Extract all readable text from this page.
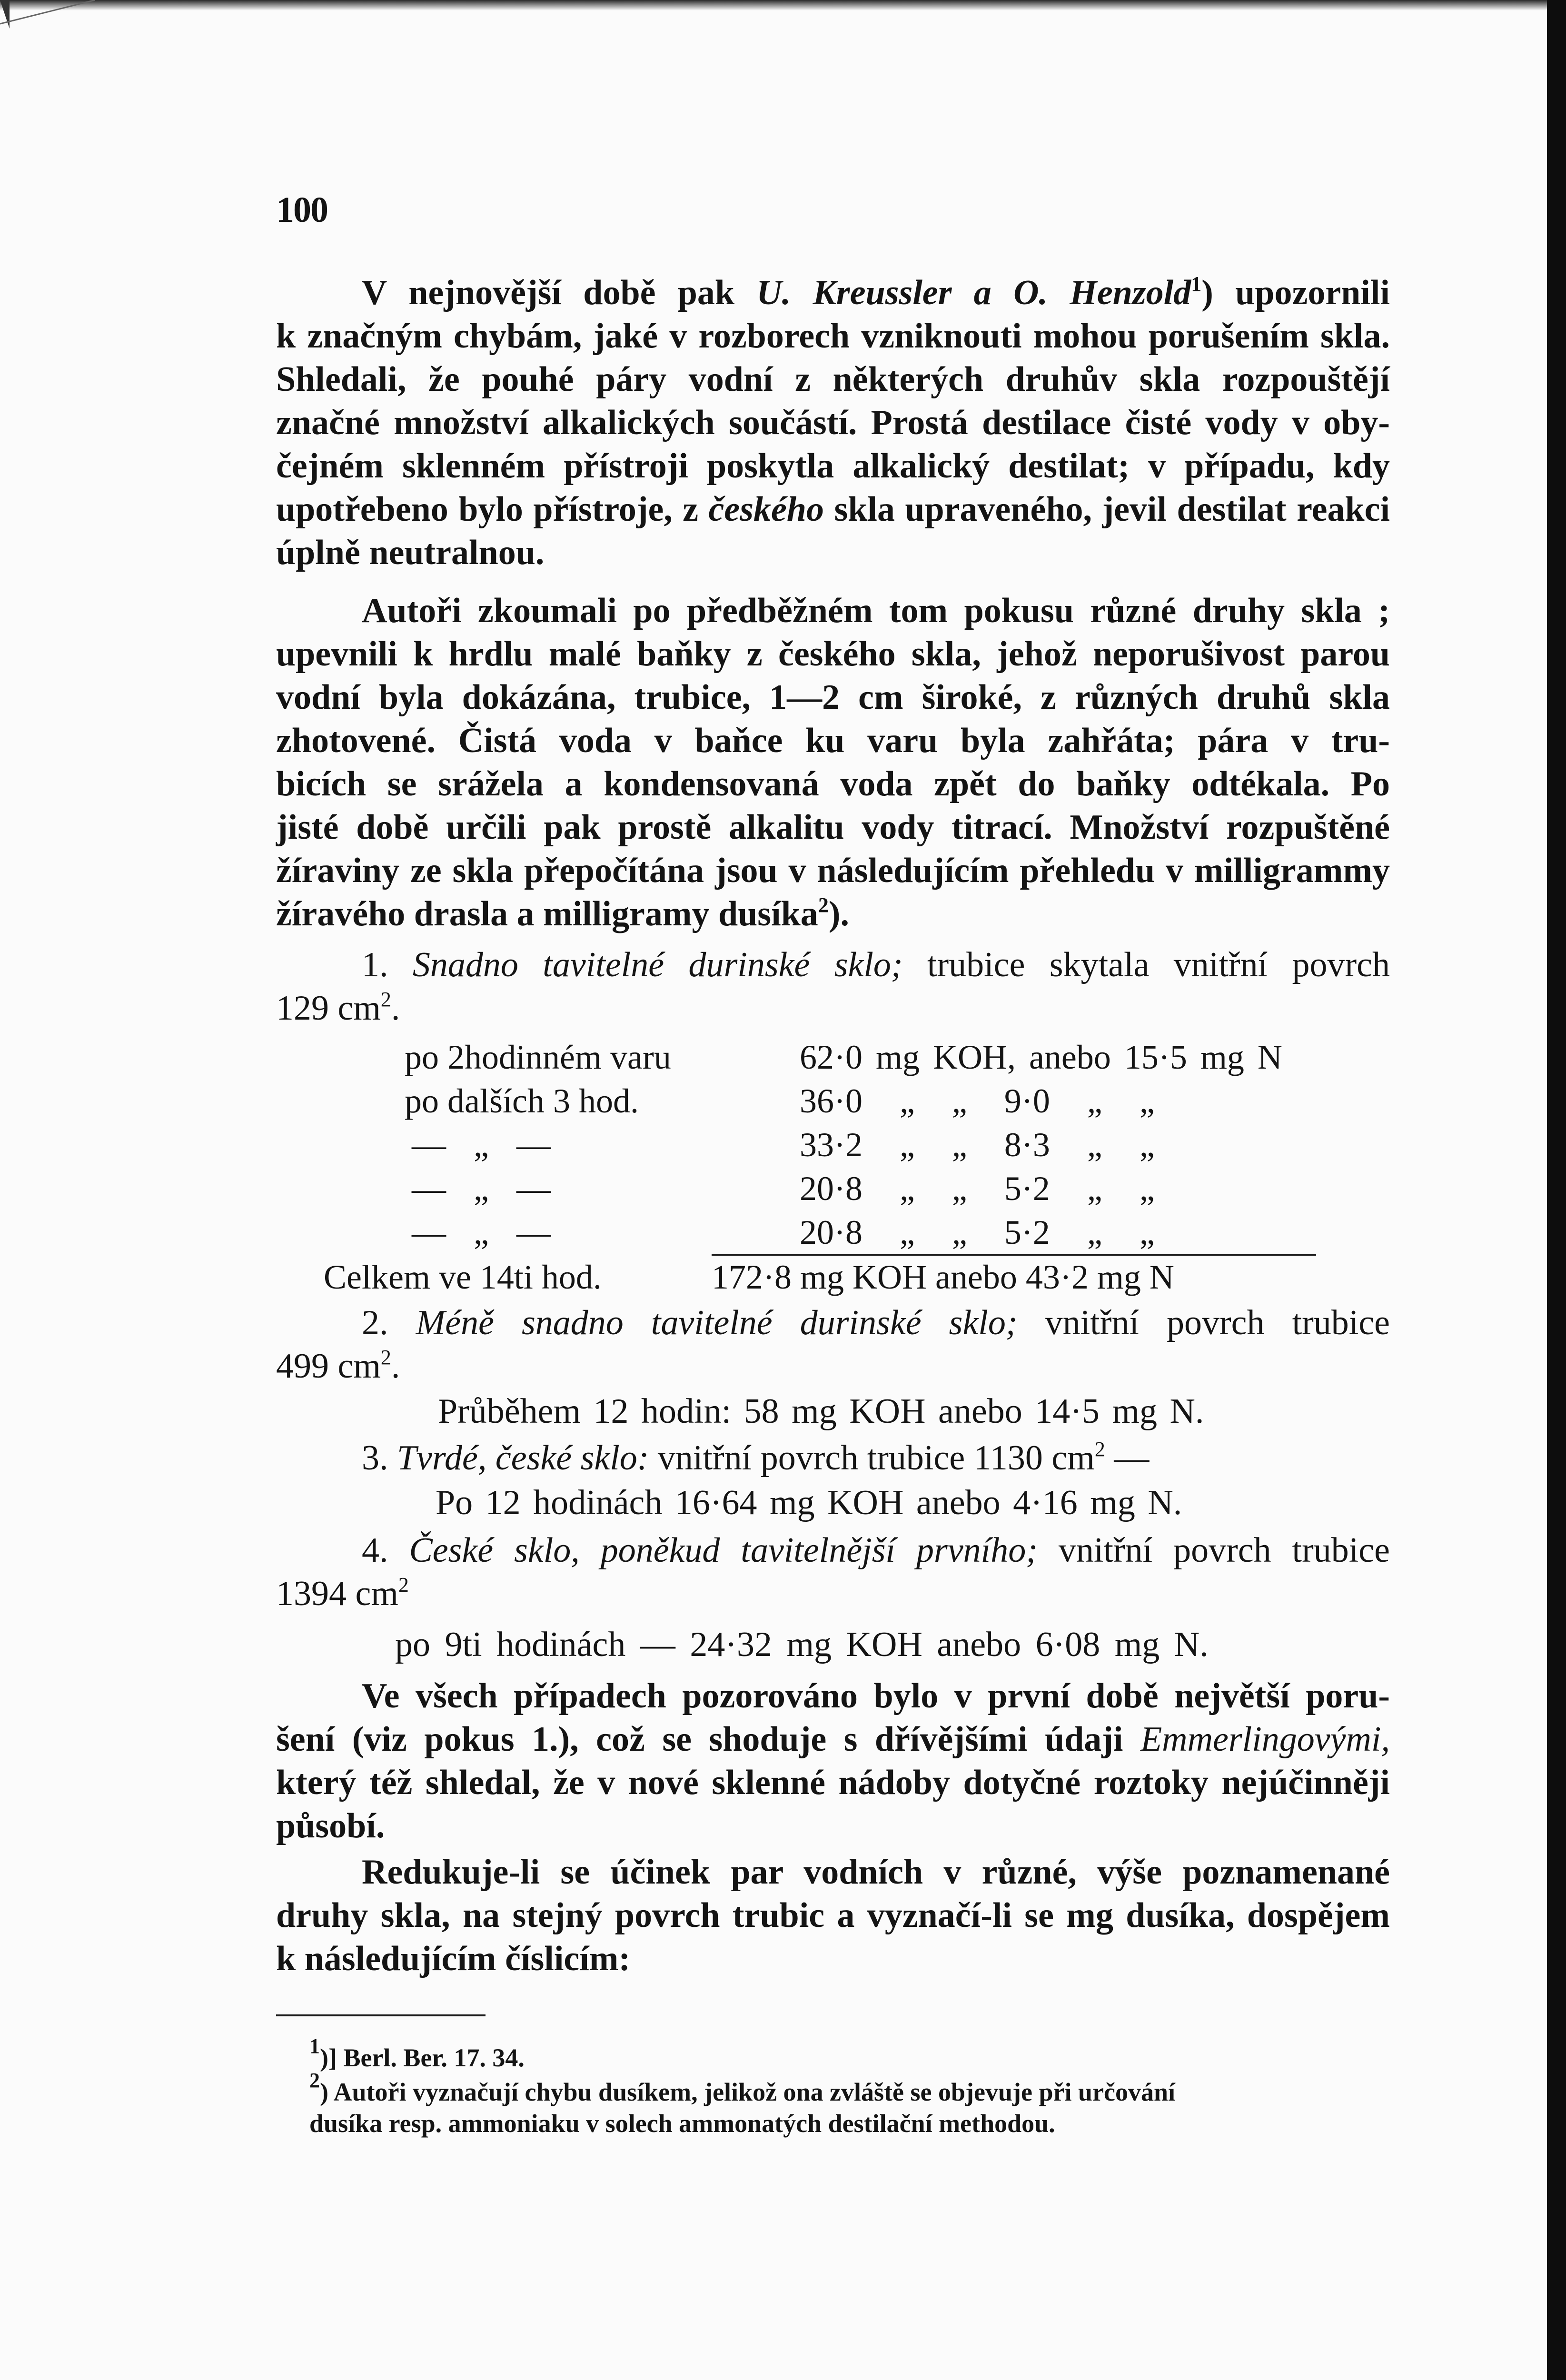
100
V nejnovější době pak U. Kreussler a O. Henzold$^1$) upozornili
k značným chybám, jaké v rozborech vzniknouti mohou porušením skla.
Shledali, že pouhé páry vodní z některých druhův skla rozpouštějí
značné množství alkalických součástí. Prostá destilace čisté vody v oby-
čejném sklenném přístroji poskytla alkalický destilat; v případu, kdy
upotřebeno bylo přístroje, z českého skla upraveného, jevil destilat reakci
úplně neutralnou.
Autoři zkoumali po předběžném tom pokusu různé druhy skla ;
upevnili k hrdlu malé baňky z českého skla, jehož neporušivost parou
vodní byla dokázána, trubice, 1—2 cm široké, z různých druhů skla
zhotovené. Čistá voda v baňce ku varu byla zahřáta; pára v tru-
bicích se srážela a kondensovaná voda zpět do baňky odtékala. Po
jisté době určili pak prostě alkalitu vody titrací. Množství rozpuštěné
žíraviny ze skla přepočítána jsou v následujícím přehledu v milligrammy
žíravého drasla a milligramy dusíka$^2$).
1. Snadno tavitelné durinské sklo; trubice skytala vnitřní povrch
129 $cm^2$.
po 2hodinném varu	62·0 mg KOH, anebo 15·5 mg N
po dalších 3 hod.	36·0 „ „ 9·0 „ „
— „ —	33·2 „ „ 8·3 „ „
— „ —	20·8 „ „ 5·2 „ „
— „ —	20·8 „ „ 5·2 „ „
Celkem ve 14ti hod.	172·8 mg KOH anebo 43·2 mg N
2. Méně snadno tavitelné durinské sklo; vnitřní povrch trubice
499 $cm^2$.
Průběhem 12 hodin: 58 mg KOH anebo 14·5 mg N.
3. Tvrdé, české sklo: vnitřní povrch trubice 1130 $cm^2$ —
Po 12 hodinách 16·64 mg KOH anebo 4·16 mg N.
4. České sklo, poněkud tavitelnější prvního; vnitřní povrch trubice
1394 $cm^2$
po 9ti hodinách — 24·32 mg KOH anebo 6·08 mg N.
Ve všech případech pozorováno bylo v první době největší poru-
šení (viz pokus 1.), což se shoduje s dřívějšími údaji Emmerlingovými,
který též shledal, že v nové sklenné nádoby dotyčné roztoky nejúčinněji
působí.
Redukuje-li se účinek par vodních v různé, výše poznamenané
druhy skla, na stejný povrch trubic a vyznačí-li se mg dusíka, dospějem
k následujícím číslicím:
$^1$)] Berl. Ber. 17. 34.
$^2$) Autoři vyznačují chybu dusíkem, jelikož ona zvláště se objevuje při určování
dusíka resp. ammoniaku v solech ammonatých destilační methodou.
